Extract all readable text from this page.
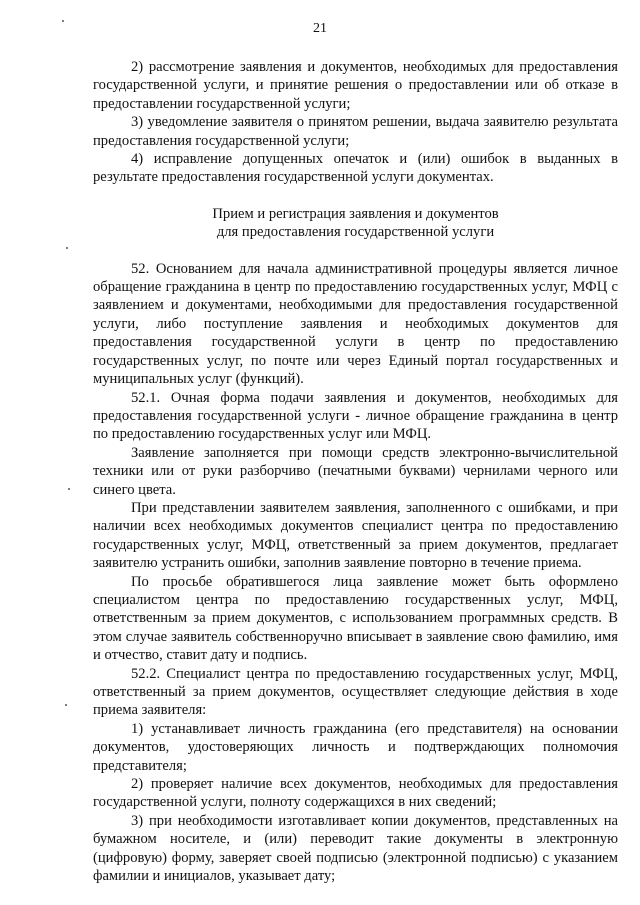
21

2) рассмотрение заявления и документов, необходимых для предоставления государственной услуги, и принятие решения о предоставлении или об отказе в предоставлении государственной услуги;

3) уведомление заявителя о принятом решении, выдача заявителю результата предоставления государственной услуги;

4) исправление допущенных опечаток и (или) ошибок в выданных в результате предоставления государственной услуги документах.

Прием и регистрация заявления и документов
для предоставления государственной услуги

52. Основанием для начала административной процедуры является личное обращение гражданина в центр по предоставлению государственных услуг, МФЦ с заявлением и документами, необходимыми для предоставления государственной услуги, либо поступление заявления и необходимых документов для предоставления государственной услуги в центр по предоставлению государственных услуг, по почте или через Единый портал государственных и муниципальных услуг (функций).

52.1. Очная форма подачи заявления и документов, необходимых для предоставления государственной услуги - личное обращение гражданина в центр по предоставлению государственных услуг или МФЦ.

Заявление заполняется при помощи средств электронно-вычислительной техники или от руки разборчиво (печатными буквами) чернилами черного или синего цвета.

При представлении заявителем заявления, заполненного с ошибками, и при наличии всех необходимых документов специалист центра по предоставлению государственных услуг, МФЦ, ответственный за прием документов, предлагает заявителю устранить ошибки, заполнив заявление повторно в течение приема.

По просьбе обратившегося лица заявление может быть оформлено специалистом центра по предоставлению государственных услуг, МФЦ, ответственным за прием документов, с использованием программных средств. В этом случае заявитель собственноручно вписывает в заявление свою фамилию, имя и отчество, ставит дату и подпись.

52.2. Специалист центра по предоставлению государственных услуг, МФЦ, ответственный за прием документов, осуществляет следующие действия в ходе приема заявителя:

1) устанавливает личность гражданина (его представителя) на основании документов, удостоверяющих личность и подтверждающих полномочия представителя;

2) проверяет наличие всех документов, необходимых для предоставления государственной услуги, полноту содержащихся в них сведений;

3) при необходимости изготавливает копии документов, представленных на бумажном носителе, и (или) переводит такие документы в электронную (цифровую) форму, заверяет своей подписью (электронной подписью) с указанием фамилии и инициалов, указывает дату;
